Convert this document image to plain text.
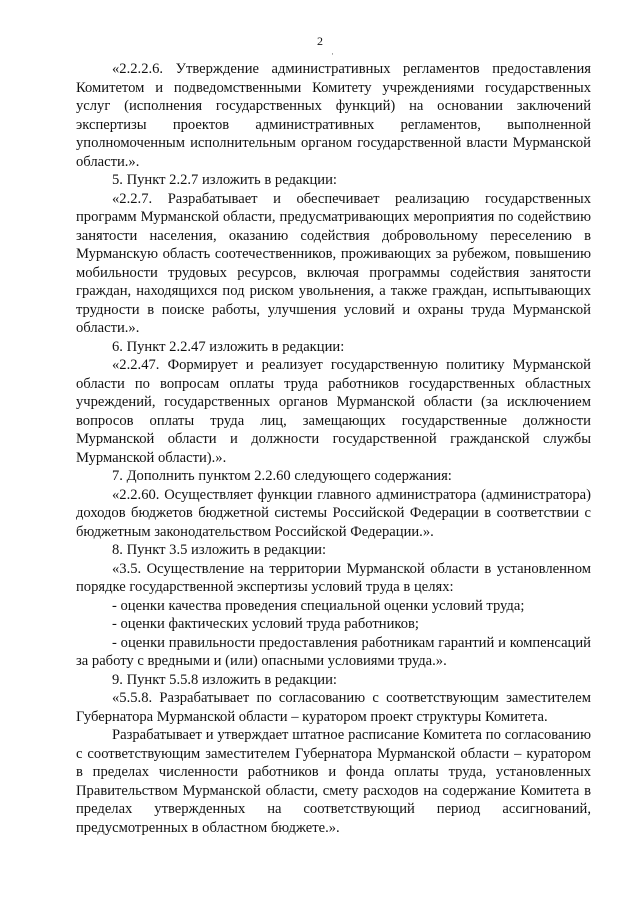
2
·

«2.2.2.6. Утверждение административных регламентов предоставления Комитетом и подведомственными Комитету учреждениями государственных услуг (исполнения государственных функций) на основании заключений экспертизы проектов административных регламентов, выполненной уполномоченным исполнительным органом государственной власти Мурманской области.».

5. Пункт 2.2.7 изложить в редакции:

«2.2.7. Разрабатывает и обеспечивает реализацию государственных программ Мурманской области, предусматривающих мероприятия по содействию занятости населения, оказанию содействия добровольному переселению в Мурманскую область соотечественников, проживающих за рубежом, повышению мобильности трудовых ресурсов, включая программы содействия занятости граждан, находящихся под риском увольнения, а также граждан, испытывающих трудности в поиске работы, улучшения условий и охраны труда Мурманской области.».

6. Пункт 2.2.47 изложить в редакции:

«2.2.47. Формирует и реализует государственную политику Мурманской области по вопросам оплаты труда работников государственных областных учреждений, государственных органов Мурманской области (за исключением вопросов оплаты труда лиц, замещающих государственные должности Мурманской области и должности государственной гражданской службы Мурманской области).».

7. Дополнить пунктом 2.2.60 следующего содержания:

«2.2.60. Осуществляет функции главного администратора (администратора) доходов бюджетов бюджетной системы Российской Федерации в соответствии с бюджетным законодательством Российской Федерации.».

8. Пункт 3.5 изложить в редакции:

«3.5. Осуществление на территории Мурманской области в установленном порядке государственной экспертизы условий труда в целях:

- оценки качества проведения специальной оценки условий труда;

- оценки фактических условий труда работников;

- оценки правильности предоставления работникам гарантий и компенсаций за работу с вредными и (или) опасными условиями труда.».

9. Пункт 5.5.8 изложить в редакции:

«5.5.8. Разрабатывает по согласованию с соответствующим заместителем Губернатора Мурманской области – куратором проект структуры Комитета.

Разрабатывает и утверждает штатное расписание Комитета по согласованию с соответствующим заместителем Губернатора Мурманской области – куратором в пределах численности работников и фонда оплаты труда, установленных Правительством Мурманской области, смету расходов на содержание Комитета в пределах утвержденных на соответствующий период ассигнований, предусмотренных в областном бюджете.».
